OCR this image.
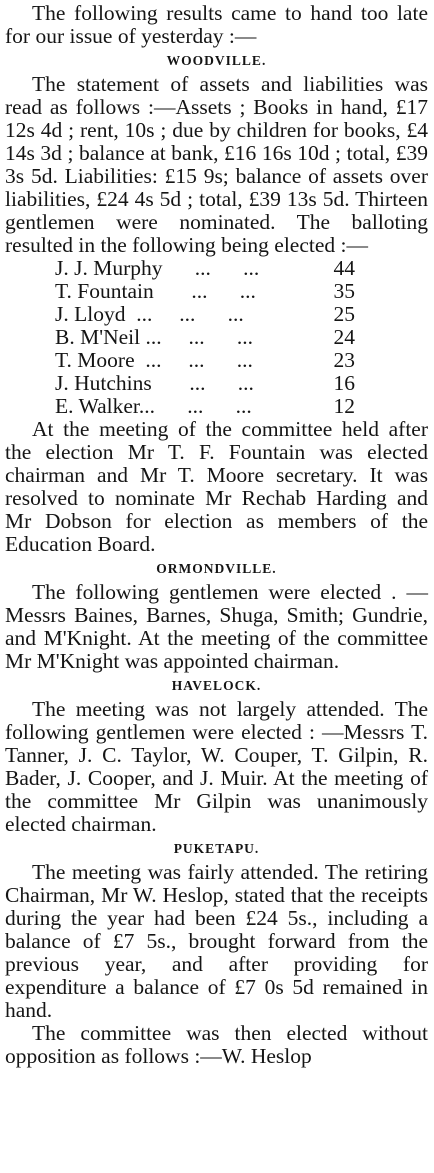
The following results came to hand too late for our issue of yesterday :—

WOODVILLE.

The statement of assets and liabilities was read as follows :—Assets ; Books in hand, £17 12s 4d ; rent, 10s ; due by children for books, £4 14s 3d ; balance at bank, £16 16s 10d ; total, £39 3s 5d. Liabilities: £15 9s; balance of assets over liabilities, £24 4s 5d ; total, £39 13s 5d. Thirteen gentlemen were nominated. The balloting resulted in the following being elected :—

J. J. Murphy      ...      ...	44
T. Fountain       ...      ...	35
J. Lloyd  ...     ...      ...	25
B. M'Neil ...     ...      ...	24
T. Moore  ...     ...      ...	23
J. Hutchins       ...      ...	16
E. Walker...      ...      ...	12

At the meeting of the committee held after the election Mr T. F. Fountain was elected chairman and Mr T. Moore secretary. It was resolved to nominate Mr Rechab Harding and Mr Dobson for election as members of the Education Board.

ORMONDVILLE.

The following gentlemen were elected . —Messrs Baines, Barnes, Shuga, Smith; Gundrie, and M'Knight. At the meeting of the committee Mr M'Knight was appointed chairman.

HAVELOCK.

The meeting was not largely attended. The following gentlemen were elected : —Messrs T. Tanner, J. C. Taylor, W. Couper, T. Gilpin, R. Bader, J. Cooper, and J. Muir. At the meeting of the committee Mr Gilpin was unanimously elected chairman.

PUKETAPU.

The meeting was fairly attended. The retiring Chairman, Mr W. Heslop, stated that the receipts during the year had been £24 5s., including a balance of £7 5s., brought forward from the previous year, and after providing for expenditure a balance of £7 0s 5d remained in hand.

The committee was then elected without opposition as follows :—W. Heslop
